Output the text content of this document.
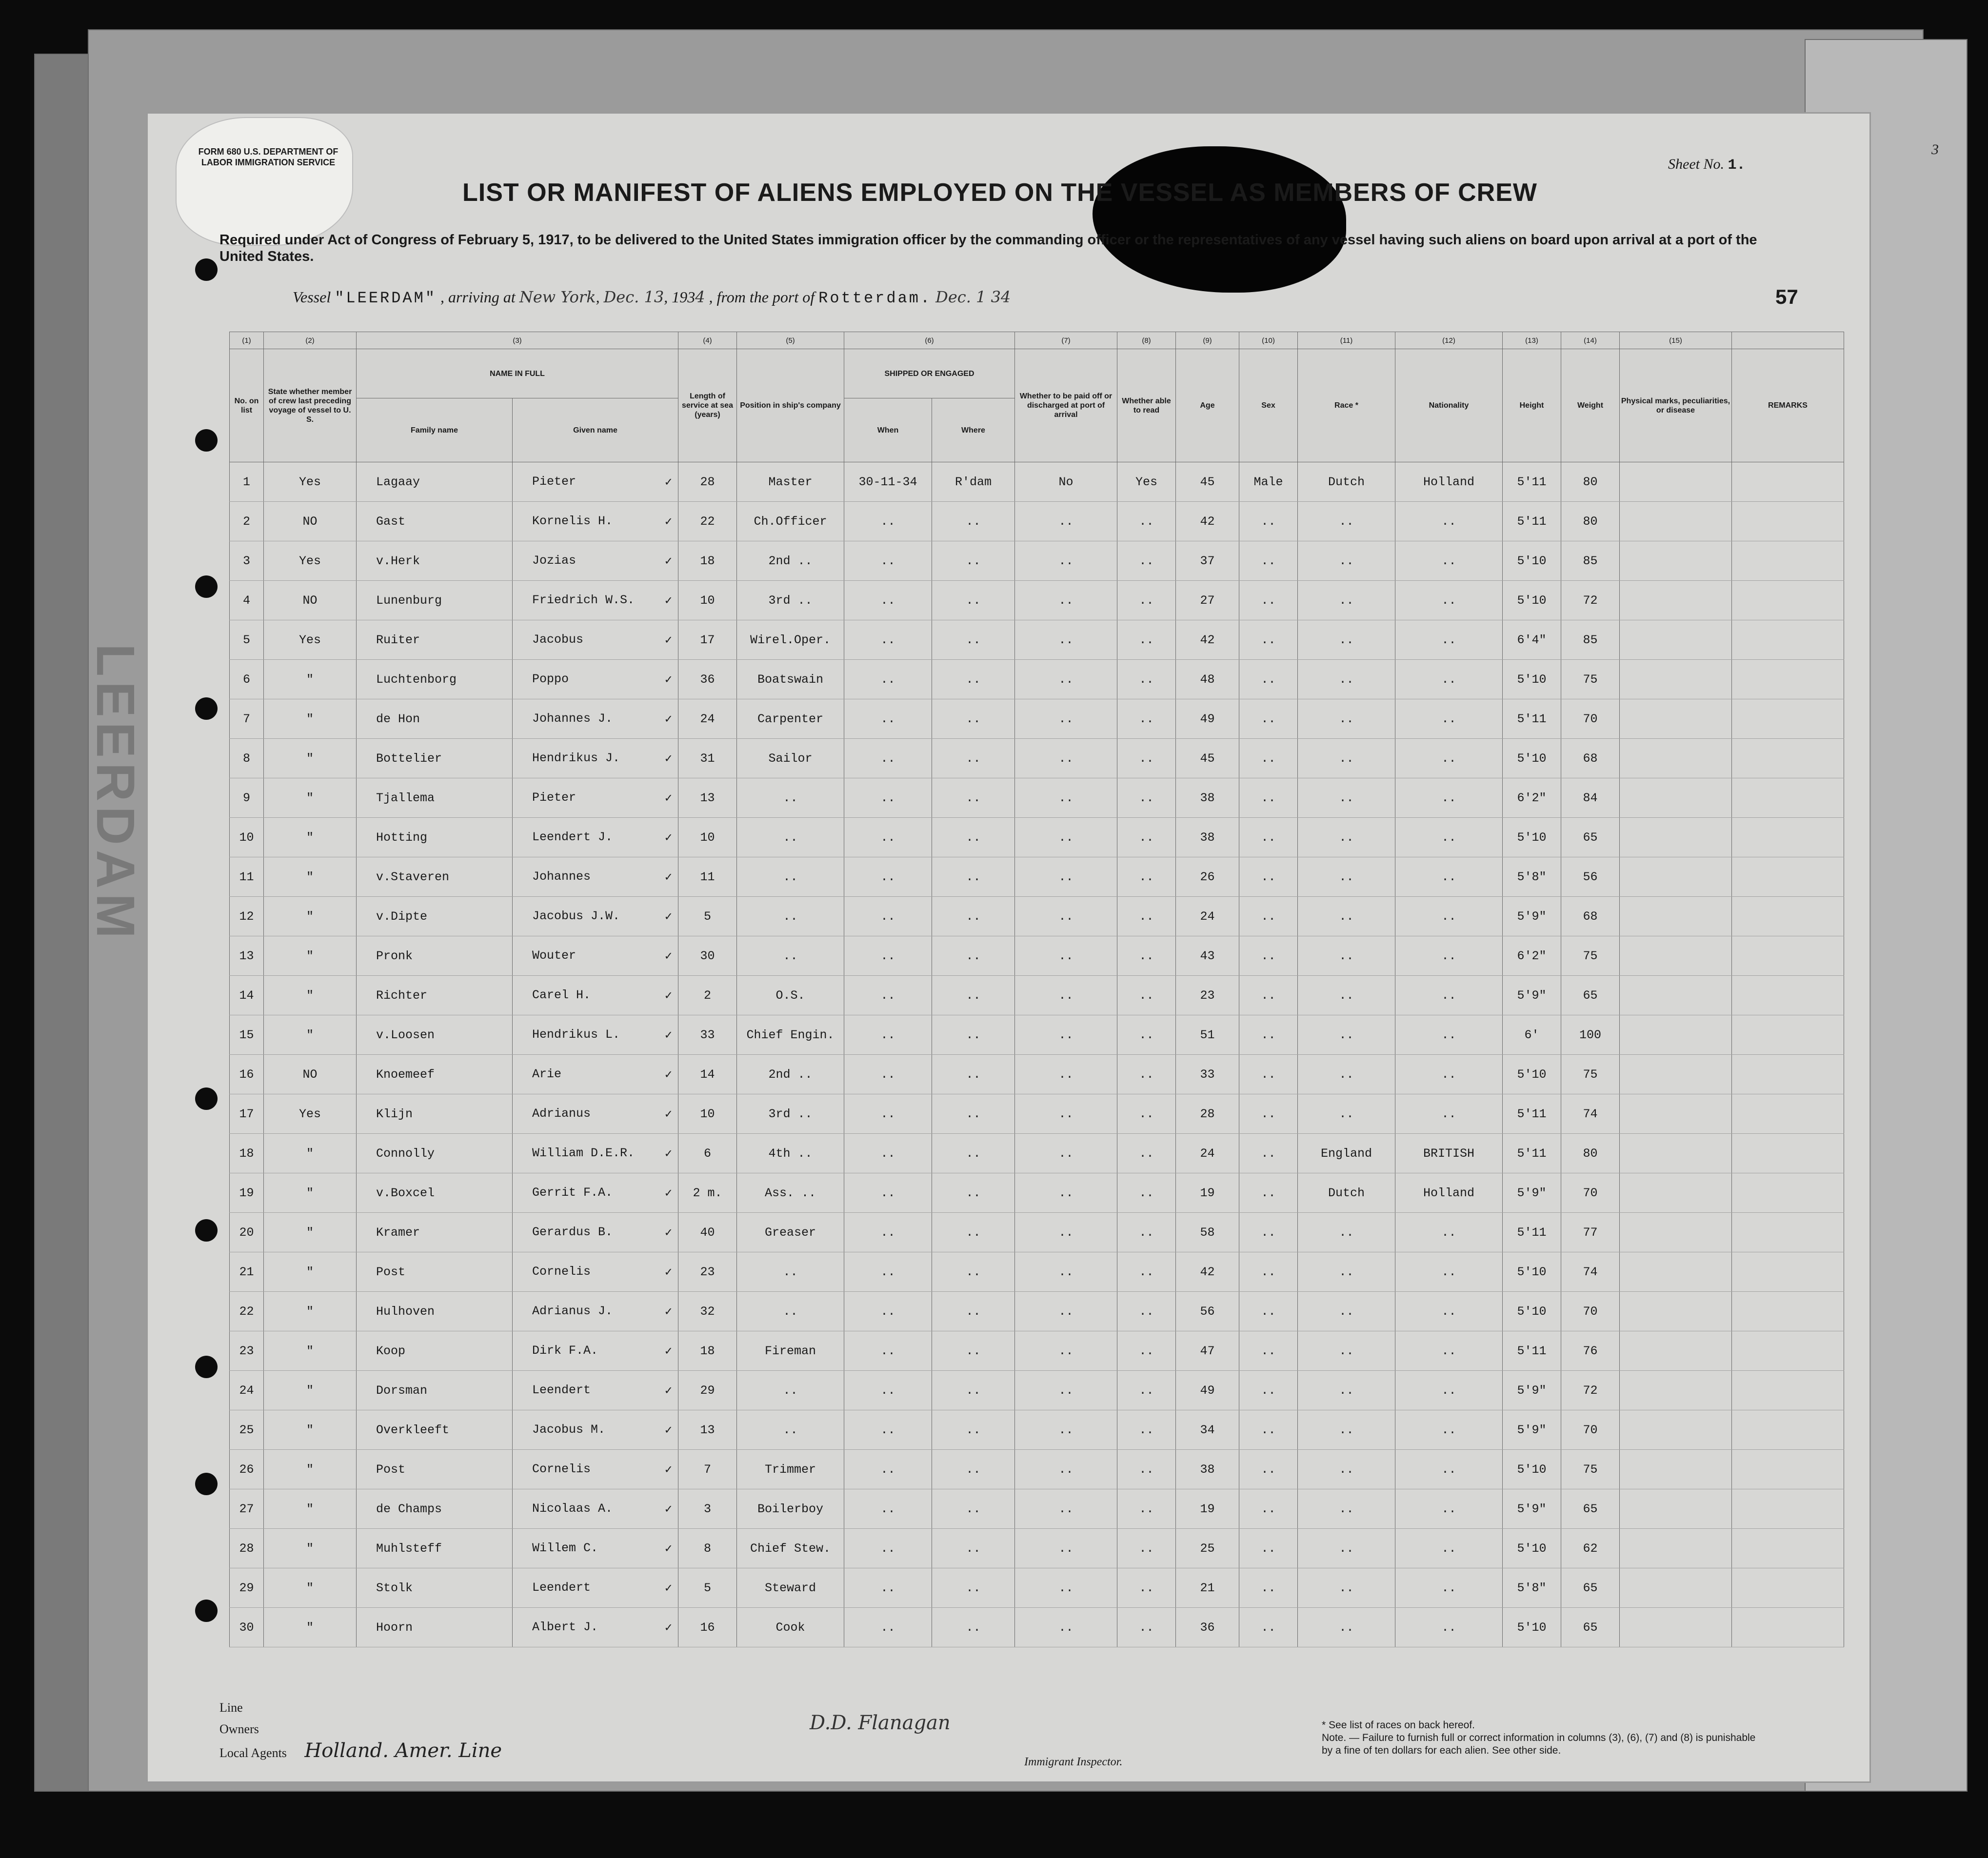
FORM 680 U.S. DEPARTMENT OF LABOR IMMIGRATION SERVICE	Sheet No. 1.
3
LIST OR MANIFEST OF ALIENS EMPLOYED ON THE VESSEL AS MEMBERS OF CREW
Required under Act of Congress of February 5, 1917, to be delivered to the United States immigration officer by the commanding officer or the representatives of any vessel having such aliens on board upon arrival at a port of the United States.
Vessel "LEERDAM" , arriving at New York, Dec. 13, 1934 , from the port of Rotterdam. Dec. 1 34	57
LEERDAM
(1)	(2)	(3)		(4)	(5)	(6)		(7)	(8)	(9)	(10)	(11)	(12)	(13)	(14)	(15)	
No. on list	State whether member of crew last preceding voyage of vessel to U. S.	NAME IN FULL		Length of service at sea (years)	Position in ship's company	SHIPPED OR ENGAGED		Whether to be paid off or discharged at port of arrival	Whether able to read	Age	Sex	Race *	Nationality	Height	Weight	Physical marks, peculiarities, or disease	REMARKS
		Family name	Given name			When	Where										
1	Yes	Lagaay	Pieter ✓	28	Master	30-11-34	R'dam	No	Yes	45	Male	Dutch	Holland	5'11	80		
2	NO	Gast	Kornelis H. ✓	22	Ch.Officer	..	..	..	..	42	..	..	..	5'11	80		
3	Yes	v.Herk	Jozias ✓	18	2nd ..	..	..	..	..	37	..	..	..	5'10	85		
4	NO	Lunenburg	Friedrich W.S. ✓	10	3rd ..	..	..	..	..	27	..	..	..	5'10	72		
5	Yes	Ruiter	Jacobus ✓	17	Wirel.Oper.	..	..	..	..	42	..	..	..	6'4"	85		
6	"	Luchtenborg	Poppo ✓	36	Boatswain	..	..	..	..	48	..	..	..	5'10	75		
7	"	de Hon	Johannes J. ✓	24	Carpenter	..	..	..	..	49	..	..	..	5'11	70		
8	"	Bottelier	Hendrikus J. ✓	31	Sailor	..	..	..	..	45	..	..	..	5'10	68		
9	"	Tjallema	Pieter ✓	13	..	..	..	..	..	38	..	..	..	6'2"	84		
10	"	Hotting	Leendert J. ✓	10	..	..	..	..	..	38	..	..	..	5'10	65		
11	"	v.Staveren	Johannes ✓	11	..	..	..	..	..	26	..	..	..	5'8"	56		
12	"	v.Dipte	Jacobus J.W. ✓	5	..	..	..	..	..	24	..	..	..	5'9"	68		
13	"	Pronk	Wouter ✓	30	..	..	..	..	..	43	..	..	..	6'2"	75		
14	"	Richter	Carel H. ✓	2	O.S.	..	..	..	..	23	..	..	..	5'9"	65		
15	"	v.Loosen	Hendrikus L. ✓	33	Chief Engin.	..	..	..	..	51	..	..	..	6'	100		
16	NO	Knoemeef	Arie ✓	14	2nd ..	..	..	..	..	33	..	..	..	5'10	75		
17	Yes	Klijn	Adrianus ✓	10	3rd ..	..	..	..	..	28	..	..	..	5'11	74		
18	"	Connolly	William D.E.R. ✓	6	4th ..	..	..	..	..	24	..	England	BRITISH	5'11	80		
19	"	v.Boxcel	Gerrit F.A. ✓	2 m.	Ass. ..	..	..	..	..	19	..	Dutch	Holland	5'9"	70		
20	"	Kramer	Gerardus B. ✓	40	Greaser	..	..	..	..	58	..	..	..	5'11	77		
21	"	Post	Cornelis ✓	23	..	..	..	..	..	42	..	..	..	5'10	74		
22	"	Hulhoven	Adrianus J. ✓	32	..	..	..	..	..	56	..	..	..	5'10	70		
23	"	Koop	Dirk F.A. ✓	18	Fireman	..	..	..	..	47	..	..	..	5'11	76		
24	"	Dorsman	Leendert ✓	29	..	..	..	..	..	49	..	..	..	5'9"	72		
25	"	Overkleeft	Jacobus M. ✓	13	..	..	..	..	..	34	..	..	..	5'9"	70		
26	"	Post	Cornelis ✓	7	Trimmer	..	..	..	..	38	..	..	..	5'10	75		
27	"	de Champs	Nicolaas A. ✓	3	Boilerboy	..	..	..	..	19	..	..	..	5'9"	65		
28	"	Muhlsteff	Willem C. ✓	8	Chief Stew.	..	..	..	..	25	..	..	..	5'10	62		
29	"	Stolk	Leendert ✓	5	Steward	..	..	..	..	21	..	..	..	5'8"	65		
30	"	Hoorn	Albert J. ✓	16	Cook	..	..	..	..	36	..	..	..	5'10	65		
Line
Owners
Local Agents Holland. Amer. Line
D.D. Flanagan
Immigrant Inspector.
* See list of races on back hereof.
Note. — Failure to furnish full or correct information in columns (3), (6), (7) and (8) is punishable by a fine of ten dollars for each alien. See other side.
